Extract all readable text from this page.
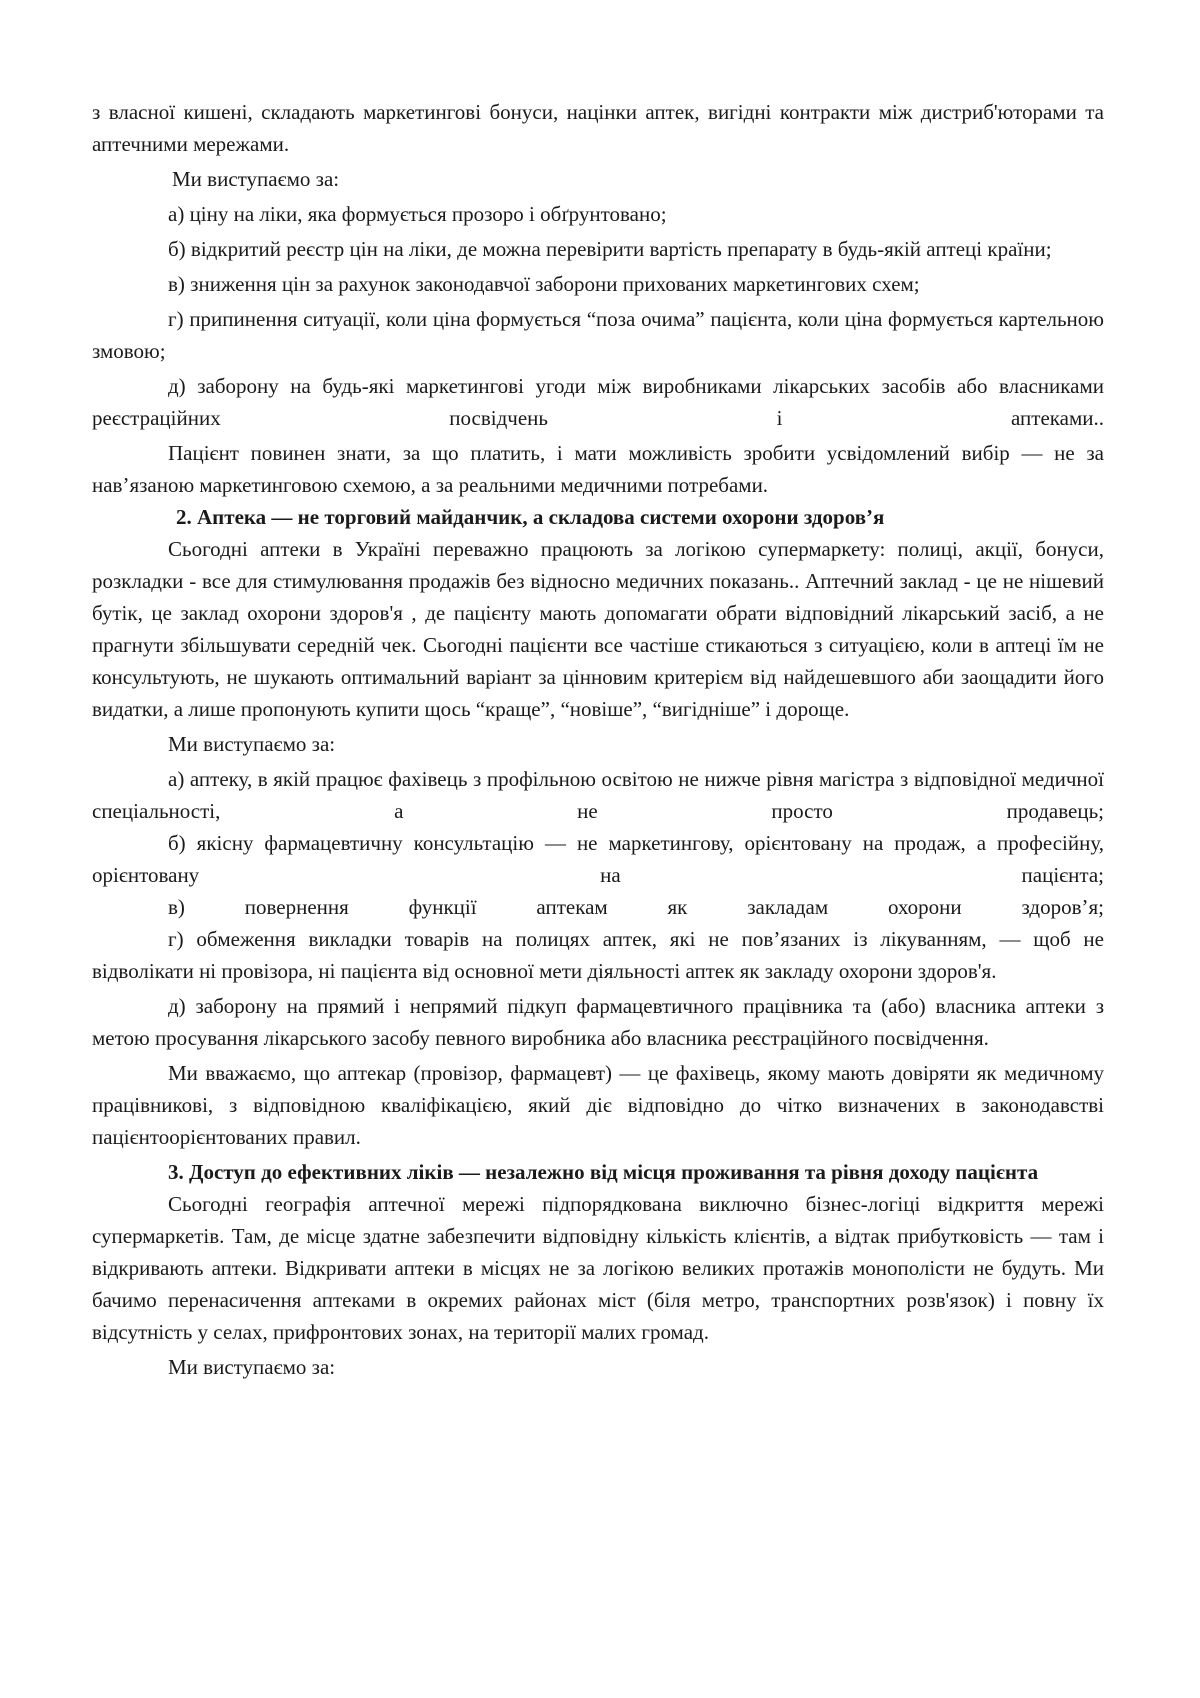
з власної кишені, складають маркетингові бонуси, націнки аптек, вигідні контракти між дистриб'юторами та аптечними мережами.

Ми виступаємо за:

а) ціну на ліки, яка формується прозоро і обґрунтовано;

б) відкритий реєстр цін на ліки, де можна перевірити вартість препарату в будь-якій аптеці країни;

в) зниження цін за рахунок законодавчої заборони прихованих маркетингових схем;

г) припинення ситуації, коли ціна формується “поза очима” пацієнта, коли ціна формується картельною змовою;

д) заборону на будь-які маркетингові угоди між виробниками лікарських засобів або власниками реєстраційних посвідчень і аптеками..

Пацієнт повинен знати, за що платить, і мати можливість зробити усвідомлений вибір — не за нав’язаною маркетинговою схемою, а за реальними медичними потребами.

2. Аптека — не торговий майданчик, а складова системи охорони здоров’я

Сьогодні аптеки в Україні переважно працюють за логікою супермаркету: полиці, акції, бонуси, розкладки - все для стимулювання продажів без відносно медичних показань.. Аптечний заклад - це не нішевий бутік, це заклад охорони здоров'я , де пацієнту мають допомагати обрати відповідний лікарський засіб, а не прагнути збільшувати середній чек. Сьогодні пацієнти все частіше стикаються з ситуацією, коли в аптеці їм не консультують, не шукають оптимальний варіант за цінновим критерієм від найдешевшого аби заощадити його видатки, а лише пропонують купити щось “краще”, “новіше”, “вигідніше” і дороще.

Ми виступаємо за:

а) аптеку, в якій працює фахівець з профільною освітою не нижче рівня магістра з відповідної медичної спеціальності, а не просто продавець;

б) якісну фармацевтичну консультацію — не маркетингову, орієнтовану на продаж, а професійну, орієнтовану на пацієнта;

в) повернення функції аптекам як закладам охорони здоров’я;

г) обмеження викладки товарів на полицях аптек, які не пов’язаних із лікуванням, — щоб не відволікати ні провізора, ні пацієнта від основної мети діяльності аптек як закладу охорони здоров'я.

д) заборону на прямий і непрямий підкуп фармацевтичного працівника та (або) власника аптеки з метою просування лікарського засобу певного виробника або власника реєстраційного посвідчення.

Ми вважаємо, що аптекар (провізор, фармацевт) — це фахівець, якому мають довіряти як медичному працівникові, з відповідною кваліфікацією, який діє відповідно до чітко визначених в законодавстві пацієнтоорієнтованих правил.

3. Доступ до ефективних ліків — незалежно від місця проживання та рівня доходу пацієнта

Сьогодні географія аптечної мережі підпорядкована виключно бізнес-логіці відкриття мережі супермаркетів. Там, де місце здатне забезпечити відповідну кількість клієнтів, а відтак прибутковість — там і відкривають аптеки. Відкривати аптеки в місцях не за логікою великих протажів монополісти не будуть. Ми бачимо перенасичення аптеками в окремих районах міст (біля метро, транспортних розв'язок) і повну їх відсутність у селах, прифронтових зонах, на території малих громад.

Ми виступаємо за:
